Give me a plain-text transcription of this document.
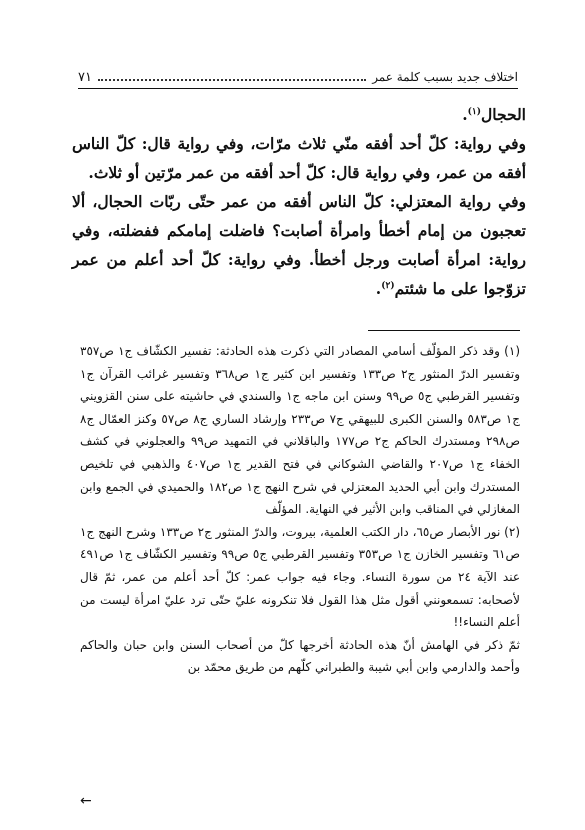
اختلاف جديد بسبب كلمة عمر
٧١

الحجال$^{(١)}$.

وفي رواية: كلّ أحد أفقه منّي ثلاث مرّات، وفي رواية قال: كلّ الناس أفقه من عمر، وفي رواية قال: كلّ أحد أفقه من عمر مرّتين أو ثلاث.

وفي رواية المعتزلي: كلّ الناس أفقه من عمر حتّى ربّات الحجال، ألا تعجبون من إمام أخطأ وامرأة أصابت؟ فاضلت إمامكم ففضلته، وفي رواية: امرأة أصابت ورجل أخطأ. وفي رواية: كلّ أحد أعلم من عمر تزوّجوا على ما شئتم$^{(٢)}$.

(١) وقد ذكر المؤلّف أسامي المصادر التي ذكرت هذه الحادثة: تفسير الكشّاف ج١ ص٣٥٧ وتفسير الدرّ المنثور ج٢ ص١٣٣ وتفسير ابن كثير ج١ ص٣٦٨ وتفسير غرائب القرآن ج١ وتفسير القرطبي ج٥ ص٩٩ وسنن ابن ماجه ج١ والسندي في حاشيته على سنن القزويني ج١ ص٥٨٣ والسنن الكبرى للبيهقي ج٧ ص٢٣٣ وإرشاد الساري ج٨ ص٥٧ وكنز العمّال ج٨ ص٢٩٨ ومستدرك الحاكم ج٢ ص١٧٧ والباقلاني في التمهيد ص٩٩ والعجلوني في كشف الخفاء ج١ ص٢٠٧ والقاضي الشوكاني في فتح القدير ج١ ص٤٠٧ والذهبي في تلخيص المستدرك وابن أبي الحديد المعتزلي في شرح النهج ج١ ص١٨٢ والحميدي في الجمع وابن المغازلي في المناقب وابن الأثير في النهاية. المؤلّف

(٢) نور الأبصار ص٦٥، دار الكتب العلمية، بيروت، والدرّ المنثور ج٢ ص١٣٣ وشرح النهج ج١ ص٦١ وتفسير الخازن ج١ ص٣٥٣ وتفسير القرطبي ج٥ ص٩٩ وتفسير الكشّاف ج١ ص٤٩١ عند الآية ٢٤ من سورة النساء. وجاء فيه جواب عمر: كلّ أحد أعلم من عمر، ثمّ قال لأصحابه: تسمعونني أقول مثل هذا القول فلا تنكرونه عليّ حتّى ترد عليّ امرأة ليست من أعلم النساء!!

ثمّ ذكر في الهامش أنّ هذه الحادثة أخرجها كلّ من أصحاب السنن وابن حبان والحاكم وأحمد والدارمي وابن أبي شيبة والطبراني كلّهم من طريق محمّد بن

←
